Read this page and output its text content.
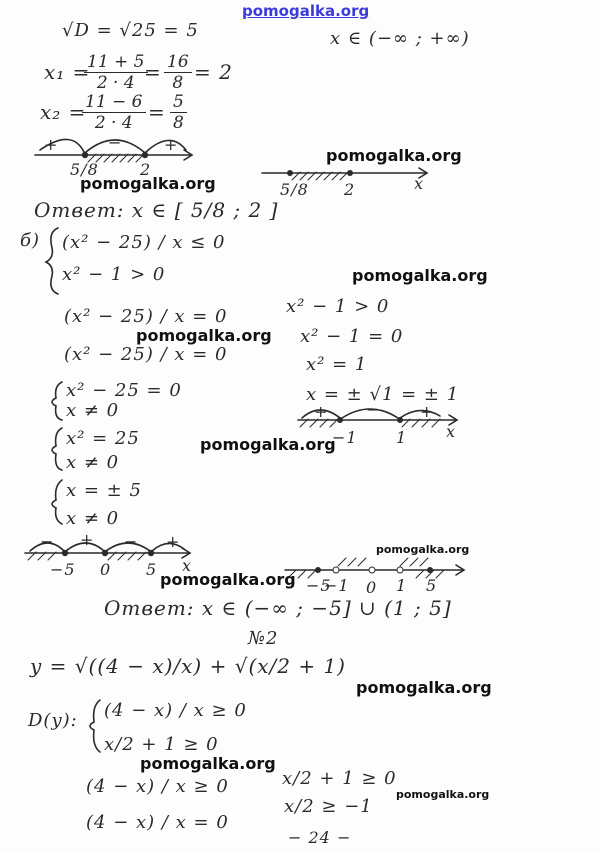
pomogalka.org
√D = √25 = 5	x ∈ (−∞ ; +∞)
x₁ =
$\frac{11 + 5}{2 \cdot 4}$
= $\frac{16}{8} = 2$
x₂ =
$\frac{11 - 6}{2 \cdot 4} = \frac{5}{8}$
+	−	+
5/8	2
5/8 2	x
Ответ: x ∈ [ 5/8 ; 2 ]
б) (x² − 25) / x ≤ 0
x² − 1 > 0
(x² − 25) / x = 0
(x² − 25) / x = 0
x² − 1 > 0
x² − 1 = 0
x² = 1
x = ± √1 = ± 1
+ − +
−1 1 x
x² − 25 = 0
x ≠ 0
x² = 25
x ≠ 0
x = ± 5
x ≠ 0
− + − +
−5 0 5 x
−5
−1 0 1 5
Ответ: x ∈ (−∞ ; −5] ∪ (1 ; 5]
№2
y = √((4 − x)/x) + √(x/2 + 1)
D(y): (4 − x) / x ≥ 0
x/2 + 1 ≥ 0
(4 − x) / x ≥ 0
(4 − x) / x = 0
x/2 + 1 ≥ 0
x/2 ≥ −1
− 24 −
pomogalka.org
pomogalka.org
pomogalka.org
pomogalka.org
pomogalka.org
pomogalka.org
pomogalka.org
pomogalka.org
pomogalka.org
pomogalka.org
